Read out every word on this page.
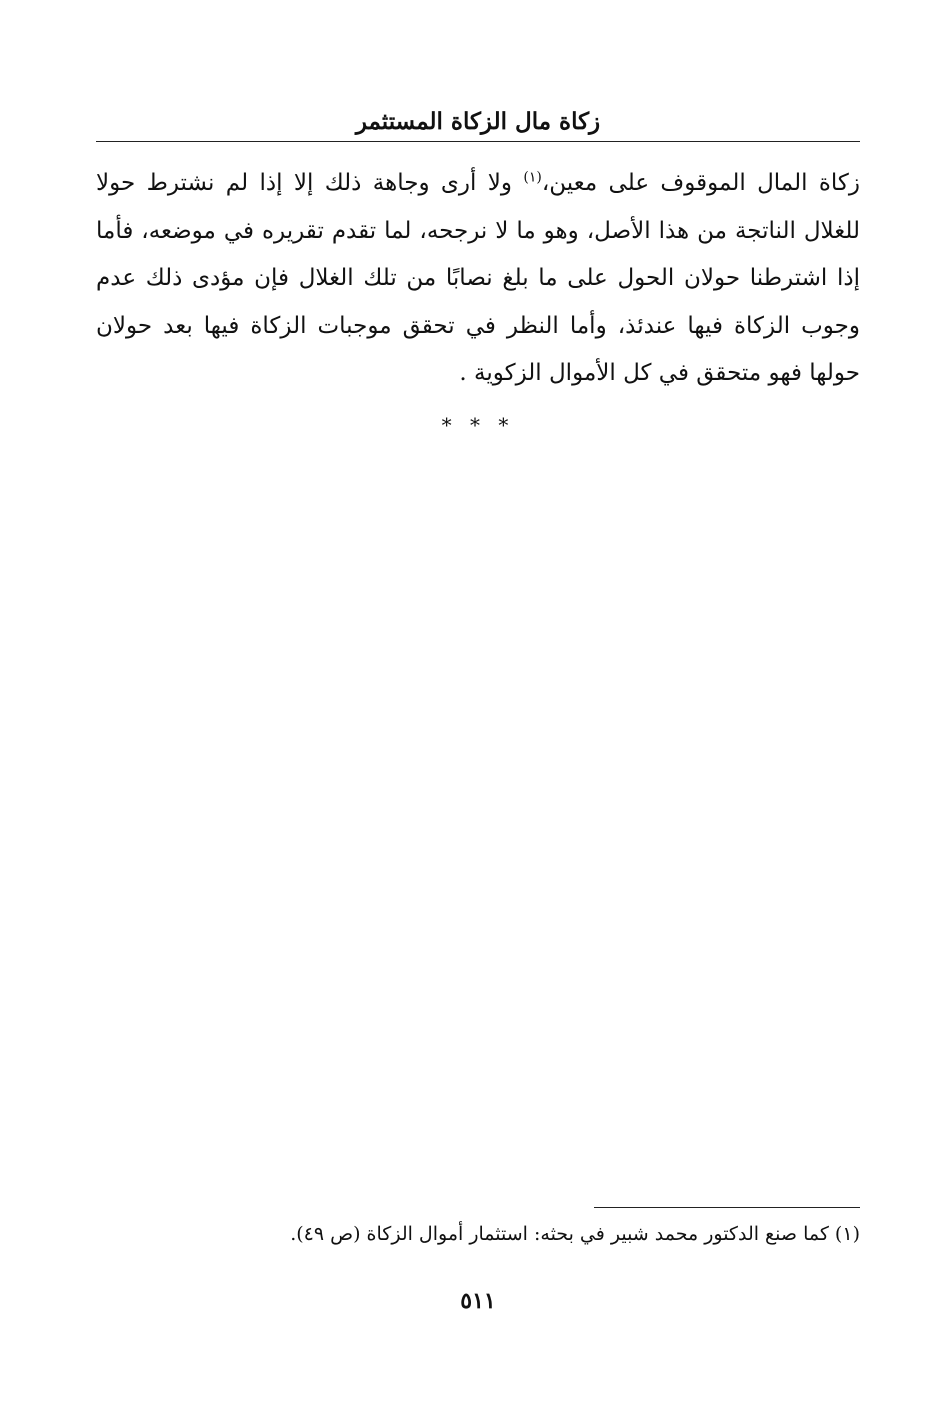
زكاة مال الزكاة المستثمر
زكاة المال الموقوف على معين،$^{(١)}$ ولا أرى وجاهة ذلك إلا إذا لم نشترط حولا
للغلال الناتجة من هذا الأصل، وهو ما لا نرجحه، لما تقدم تقريره في موضعه، فأما
إذا اشترطنا حولان الحول على ما بلغ نصابًا من تلك الغلال فإن مؤدى ذلك عدم
وجوب الزكاة فيها عندئذ، وأما النظر في تحقق موجبات الزكاة فيها بعد حولان
حولها فهو متحقق في كل الأموال الزكوية .
* * *
(١) كما صنع الدكتور محمد شبير في بحثه: استثمار أموال الزكاة (ص ٤٩).
٥١١
